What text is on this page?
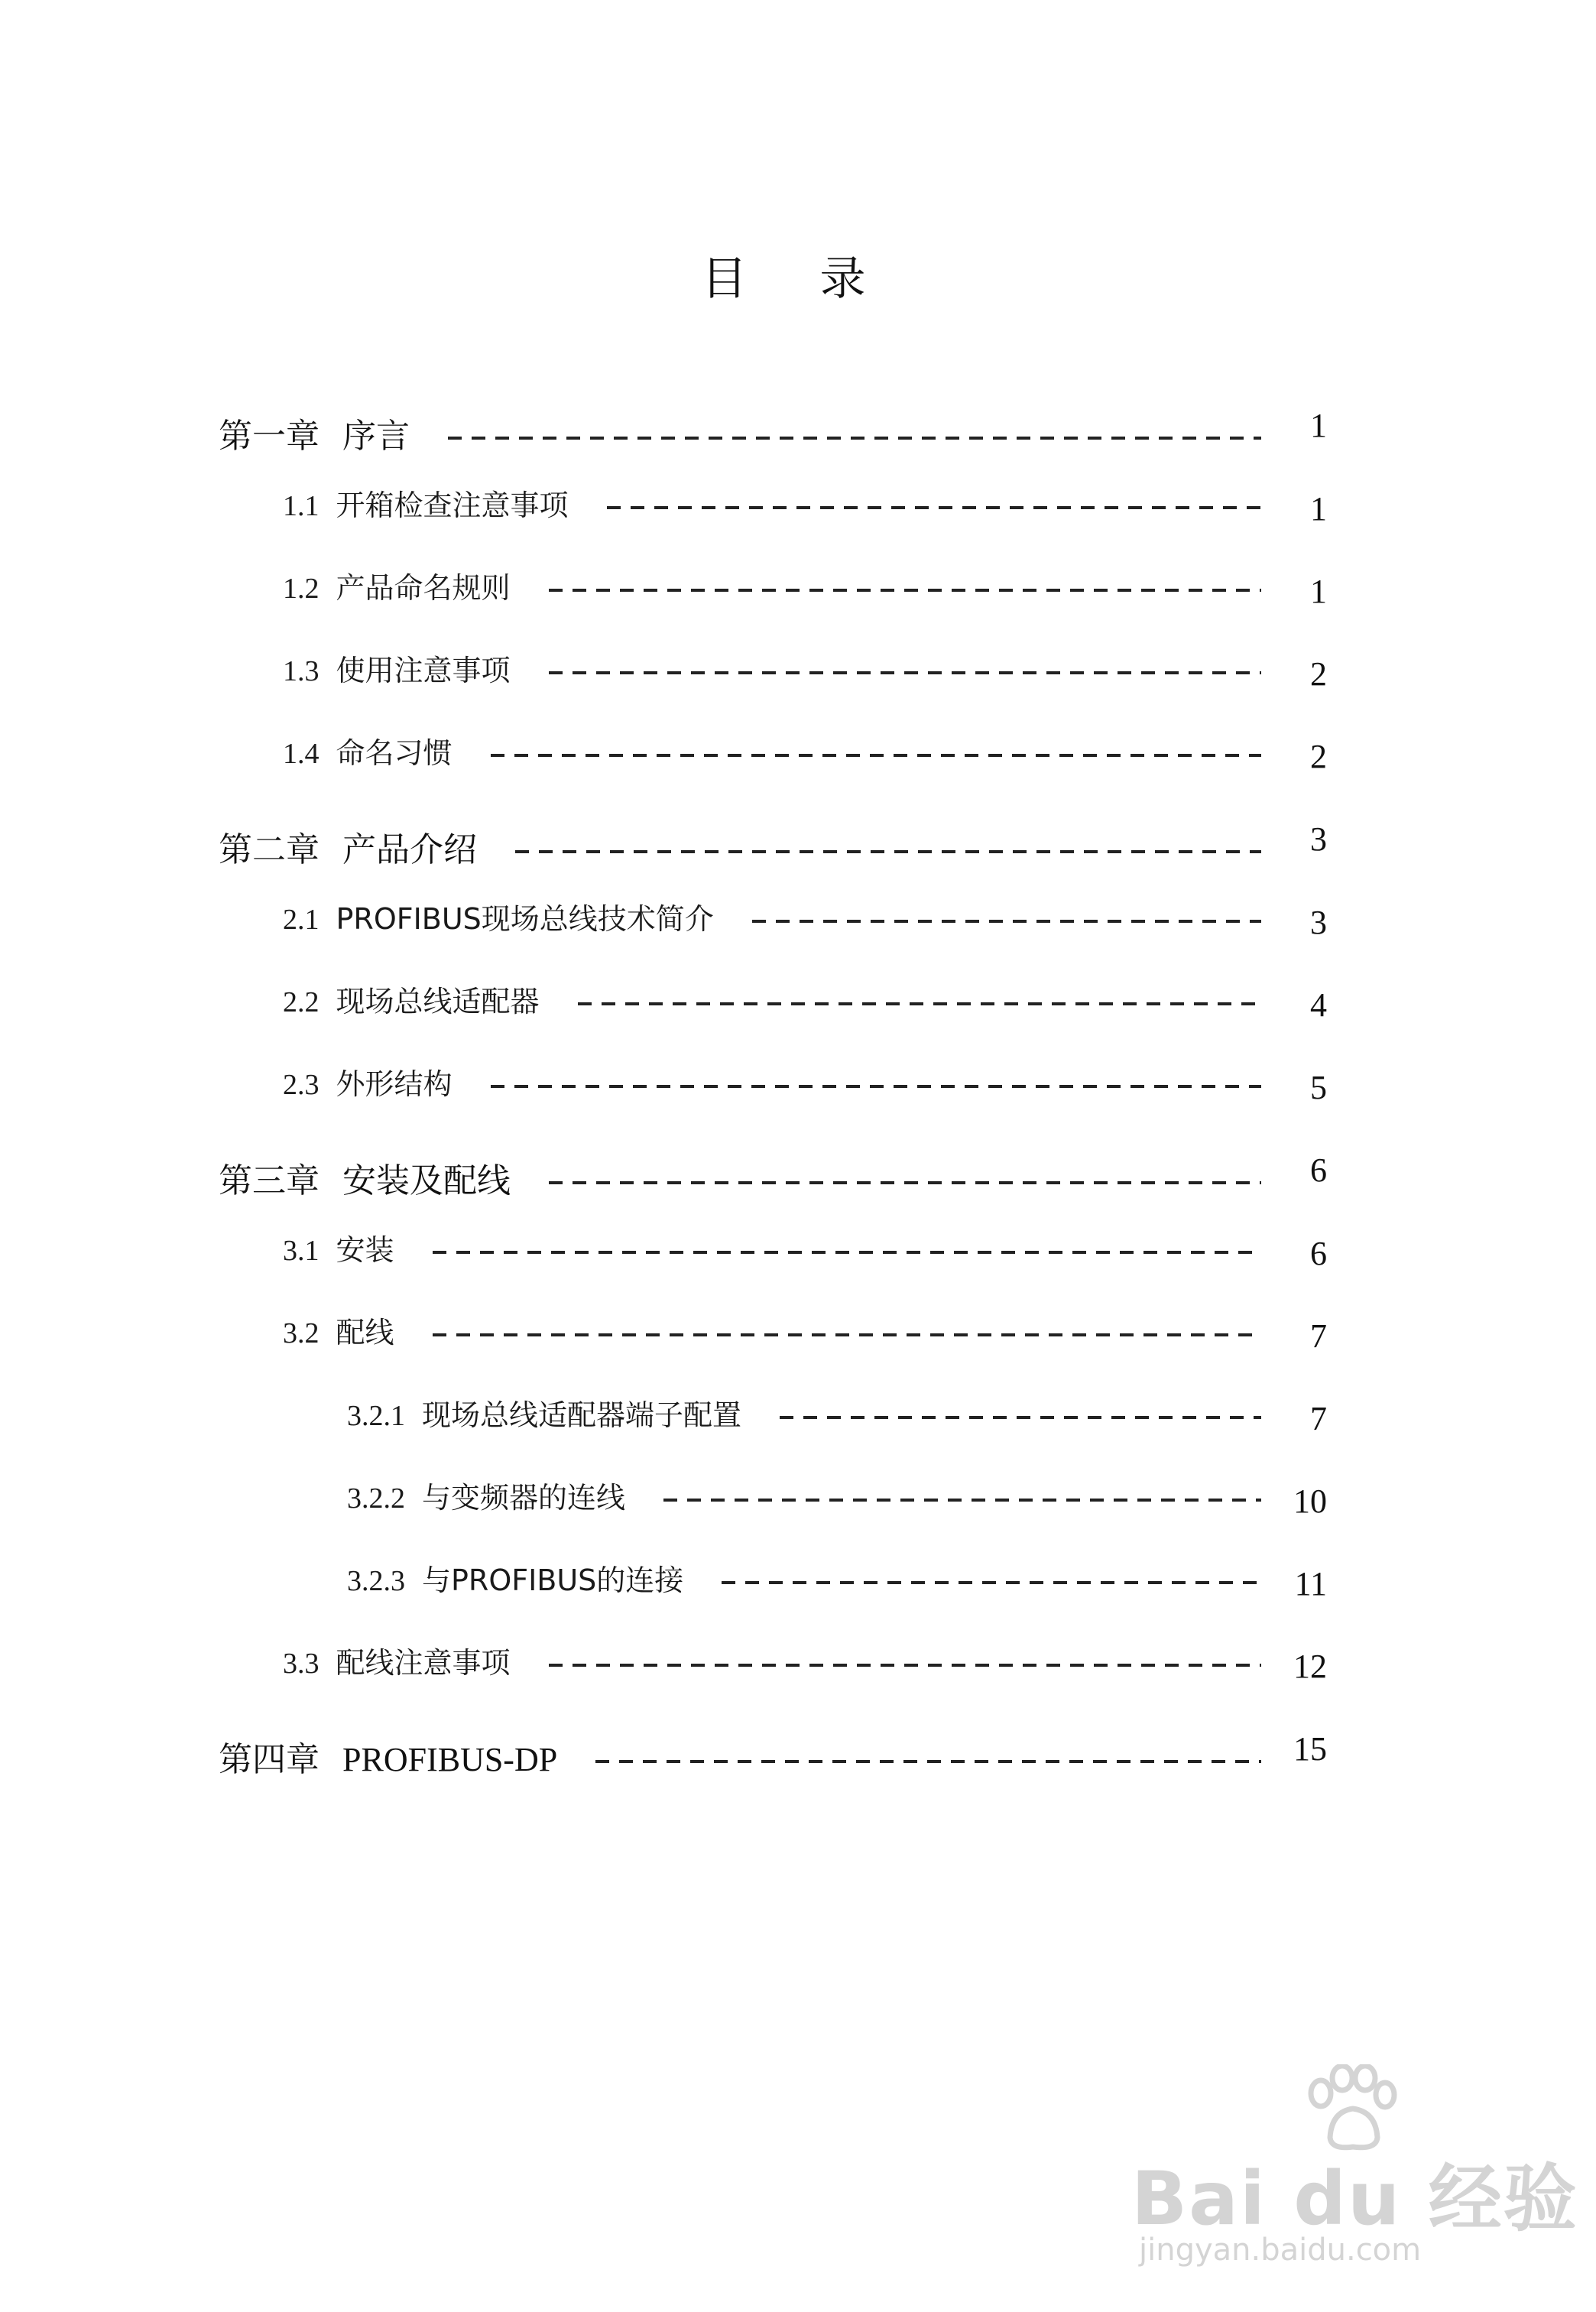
目 录
第一章 序言	1
1.1 开箱检查注意事项	1
1.2 产品命名规则	1
1.3 使用注意事项	2
1.4 命名习惯	2
第二章 产品介绍	3
2.1 PROFIBUS现场总线技术简介	3
2.2 现场总线适配器	4
2.3 外形结构	5
第三章 安装及配线	6
3.1 安装	6
3.2 配线	7
3.2.1 现场总线适配器端子配置	7
3.2.2 与变频器的连线	10
3.2.3 与PROFIBUS的连接	11
3.3 配线注意事项	12
第四章 PROFIBUS-DP	15
Bai du 经验
jingyan.baidu.com
